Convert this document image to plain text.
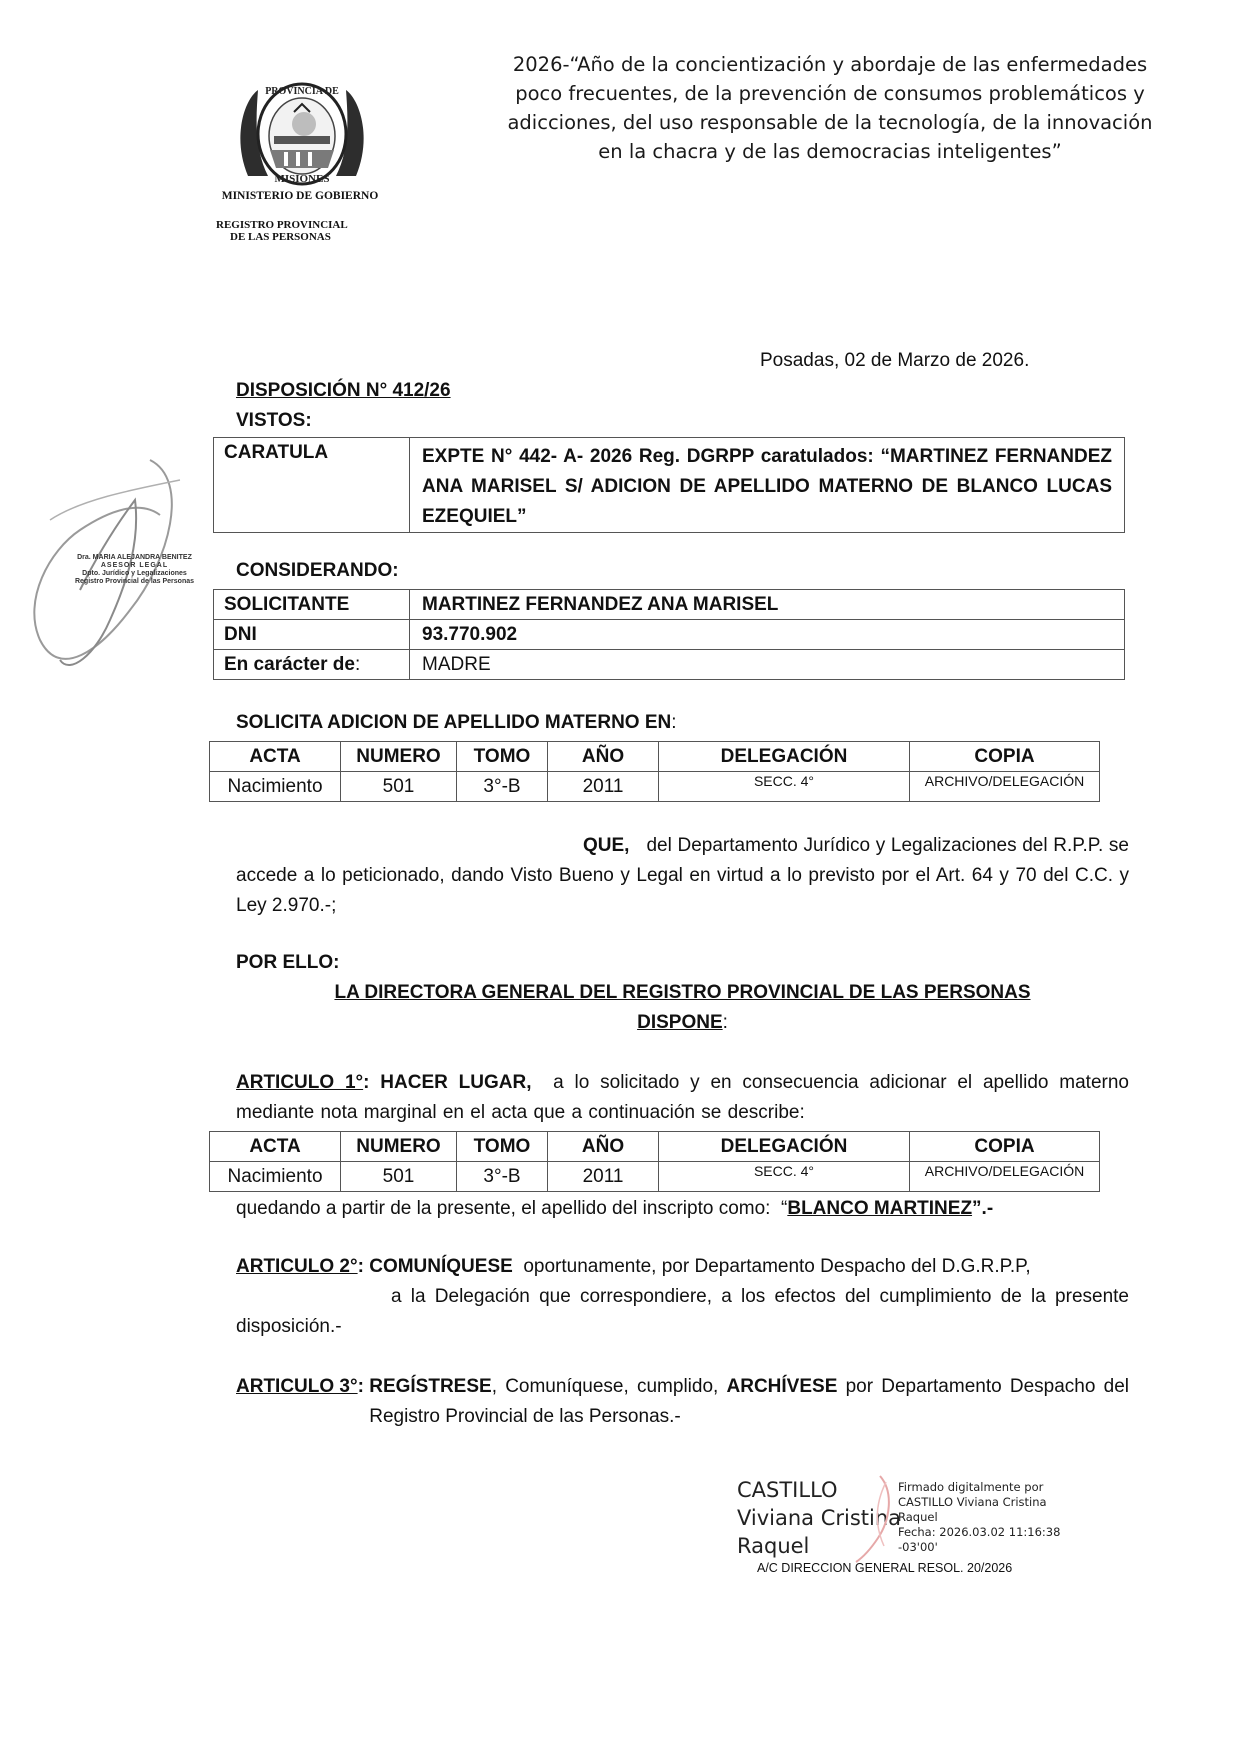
2026-“Año de la concientización y abordaje de las enfermedades poco frecuentes, de la prevención de consumos problemáticos y adicciones, del uso responsable de la tecnología, de la innovación en la chacra y de las democracias inteligentes”
PROVINCIA DE
MISIONES
MINISTERIO DE GOBIERNO
REGISTRO PROVINCIAL
DE LAS PERSONAS
Dra. MARIA ALEJANDRA BENITEZ
ASESOR LEGAL
Dpto. Jurídico y Legalizaciones
Registro Provincial de las Personas
Posadas, 02 de Marzo de 2026.
DISPOSICIÓN N° 412/26
VISTOS:
CARATULA	EXPTE N° 442- A- 2026 Reg. DGRPP caratulados: “MARTINEZ FERNANDEZ ANA MARISEL S/ ADICION DE APELLIDO MATERNO DE BLANCO LUCAS EZEQUIEL”
CONSIDERANDO:
SOLICITANTE	MARTINEZ FERNANDEZ ANA MARISEL
DNI	93.770.902
En carácter de:	MADRE
SOLICITA ADICION DE APELLIDO MATERNO EN:
ACTA	NUMERO	TOMO	AÑO	DELEGACIÓN	COPIA
Nacimiento	501	3°-B	2011	SECC. 4°	ARCHIVO/DELEGACIÓN
QUE, del Departamento Jurídico y Legalizaciones del R.P.P. se accede a lo peticionado, dando Visto Bueno y Legal en virtud a lo previsto por el Art. 64 y 70 del C.C. y Ley 2.970.-;
POR ELLO:
LA DIRECTORA GENERAL DEL REGISTRO PROVINCIAL DE LAS PERSONAS
DISPONE:
ARTICULO 1°: HACER LUGAR, a lo solicitado y en consecuencia adicionar el apellido materno mediante nota marginal en el acta que a continuación se describe:
ACTA	NUMERO	TOMO	AÑO	DELEGACIÓN	COPIA
Nacimiento	501	3°-B	2011	SECC. 4°	ARCHIVO/DELEGACIÓN
quedando a partir de la presente, el apellido del inscripto como:  “BLANCO MARTINEZ”.-
ARTICULO 2°: COMUNÍQUESE oportunamente, por Departamento Despacho del D.G.R.P.P,
a la Delegación que correspondiere, a los efectos del cumplimiento de la presente disposición.-
ARTICULO 3°: REGÍSTRESE, Comuníquese, cumplido, ARCHÍVESE por Departamento Despacho del Registro Provincial de las Personas.-
CASTILLO
Viviana Cristina
Raquel
Firmado digitalmente por
CASTILLO Viviana Cristina
Raquel
Fecha: 2026.03.02 11:16:38
-03'00'
A/C DIRECCION GENERAL RESOL. 20/2026
